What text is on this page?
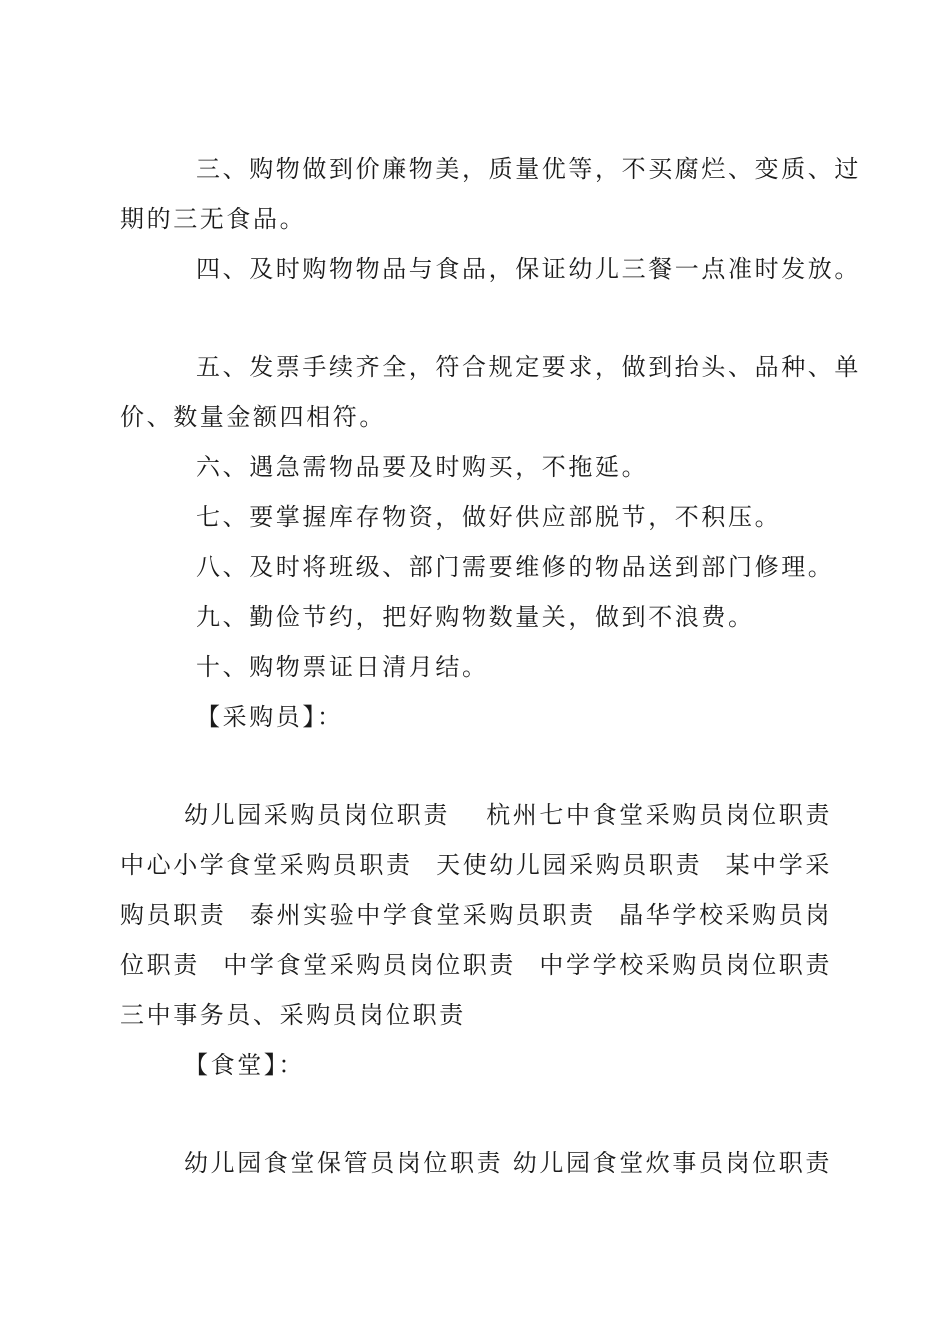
三、购物做到价廉物美，质量优等，不买腐烂、变质、过
期的三无食品。
四、及时购物物品与食品，保证幼儿三餐一点准时发放。
五、发票手续齐全，符合规定要求，做到抬头、品种、单
价、数量金额四相符。
六、遇急需物品要及时购买，不拖延。
七、要掌握库存物资，做好供应部脱节，不积压。
八、及时将班级、部门需要维修的物品送到部门修理。
九、勤俭节约，把好购物数量关，做到不浪费。
十、购物票证日清月结。
【采购员】：
幼儿园采购员岗位职责 杭州七中食堂采购员岗位职责
中心小学食堂采购员职责 天使幼儿园采购员职责 某中学采
购员职责 泰州实验中学食堂采购员职责 晶华学校采购员岗
位职责 中学食堂采购员岗位职责 中学学校采购员岗位职责
三中事务员、采购员岗位职责
【食堂】：
幼儿园食堂保管员岗位职责 幼儿园食堂炊事员岗位职责
